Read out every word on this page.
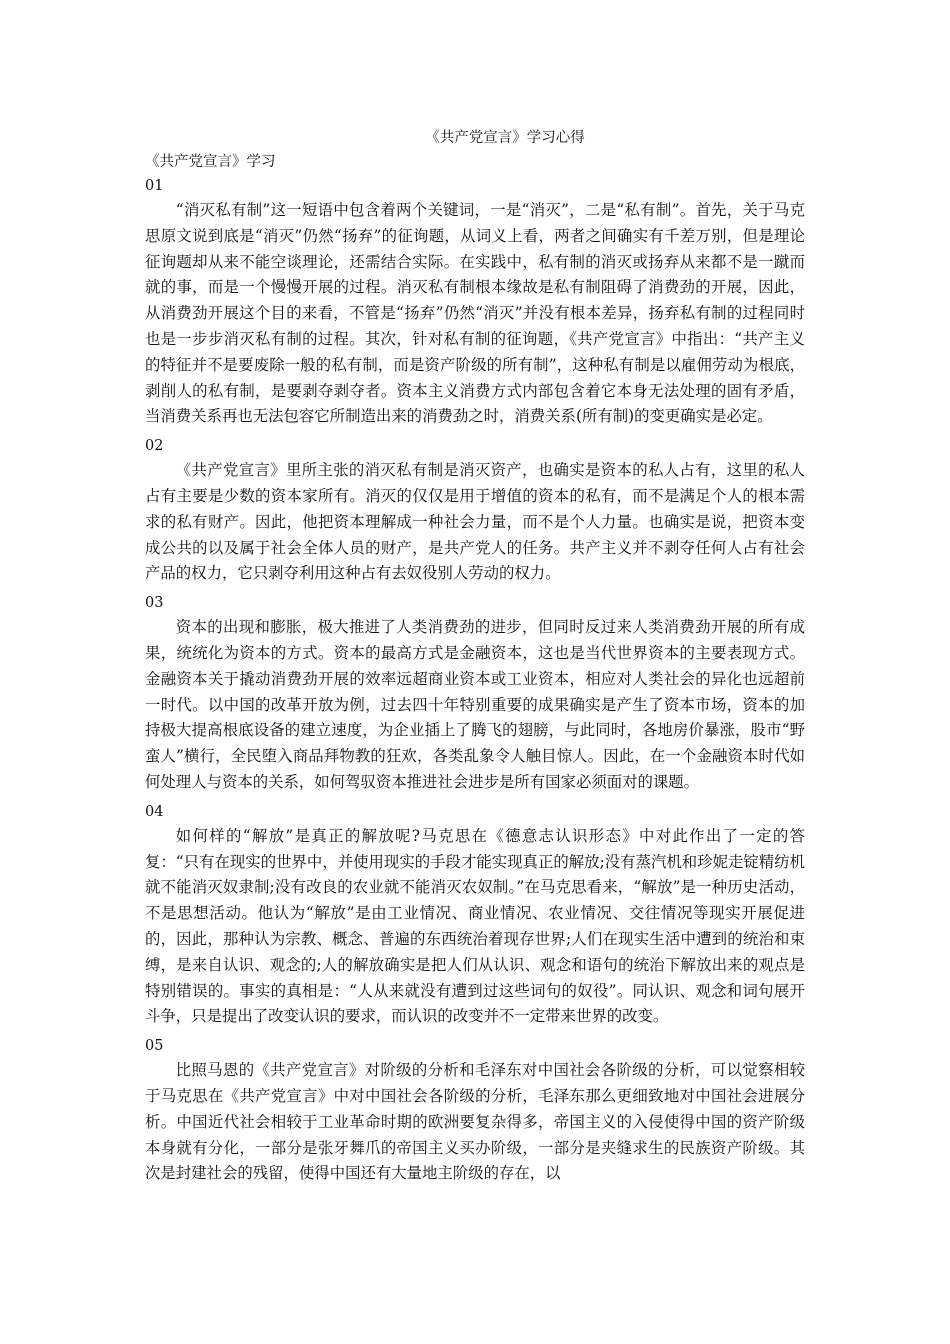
《共产党宣言》学习心得

《共产党宣言》学习

01

“消灭私有制”这一短语中包含着两个关键词，一是“消灭”，二是“私有制”。首先，关于马克思原文说到底是“消灭”仍然“扬弃”的征询题，从词义上看，两者之间确实有千差万别，但是理论征询题却从来不能空谈理论，还需结合实际。在实践中，私有制的消灭或扬弃从来都不是一蹴而就的事，而是一个慢慢开展的过程。消灭私有制根本缘故是私有制阻碍了消费劲的开展，因此，从消费劲开展这个目的来看，不管是“扬弃”仍然“消灭”并没有根本差异，扬弃私有制的过程同时也是一步步消灭私有制的过程。其次，针对私有制的征询题，《共产党宣言》中指出：“共产主义的特征并不是要废除一般的私有制，而是资产阶级的所有制”，这种私有制是以雇佣劳动为根底，剥削人的私有制，是要剥夺剥夺者。资本主义消费方式内部包含着它本身无法处理的固有矛盾，当消费关系再也无法包容它所制造出来的消费劲之时，消费关系(所有制)的变更确实是必定。

02

《共产党宣言》里所主张的消灭私有制是消灭资产，也确实是资本的私人占有，这里的私人占有主要是少数的资本家所有。消灭的仅仅是用于增值的资本的私有，而不是满足个人的根本需求的私有财产。因此，他把资本理解成一种社会力量，而不是个人力量。也确实是说，把资本变成公共的以及属于社会全体人员的财产，是共产党人的任务。共产主义并不剥夺任何人占有社会产品的权力，它只剥夺利用这种占有去奴役别人劳动的权力。

03

资本的出现和膨胀，极大推进了人类消费劲的进步，但同时反过来人类消费劲开展的所有成果，统统化为资本的方式。资本的最高方式是金融资本，这也是当代世界资本的主要表现方式。金融资本关于撬动消费劲开展的效率远超商业资本或工业资本，相应对人类社会的异化也远超前一时代。以中国的改革开放为例，过去四十年特别重要的成果确实是产生了资本市场，资本的加持极大提高根底设备的建立速度，为企业插上了腾飞的翅膀，与此同时，各地房价暴涨，股市“野蛮人”横行，全民堕入商品拜物教的狂欢，各类乱象令人触目惊人。因此，在一个金融资本时代如何处理人与资本的关系，如何驾驭资本推进社会进步是所有国家必须面对的课题。

04

如何样的“解放”是真正的解放呢?马克思在《德意志认识形态》中对此作出了一定的答复：“只有在现实的世界中，并使用现实的手段才能实现真正的解放;没有蒸汽机和珍妮走锭精纺机就不能消灭奴隶制;没有改良的农业就不能消灭农奴制。”在马克思看来，“解放”是一种历史活动，不是思想活动。他认为“解放”是由工业情况、商业情况、农业情况、交往情况等现实开展促进的，因此，那种认为宗教、概念、普遍的东西统治着现存世界;人们在现实生活中遭到的统治和束缚，是来自认识、观念的;人的解放确实是把人们从认识、观念和语句的统治下解放出来的观点是特别错误的。事实的真相是：“人从来就没有遭到过这些词句的奴役”。同认识、观念和词句展开斗争，只是提出了改变认识的要求，而认识的改变并不一定带来世界的改变。

05

比照马恩的《共产党宣言》对阶级的分析和毛泽东对中国社会各阶级的分析，可以觉察相较于马克思在《共产党宣言》中对中国社会各阶级的分析，毛泽东那么更细致地对中国社会进展分析。中国近代社会相较于工业革命时期的欧洲要复杂得多，帝国主义的入侵使得中国的资产阶级本身就有分化，一部分是张牙舞爪的帝国主义买办阶级，一部分是夹缝求生的民族资产阶级。其次是封建社会的残留，使得中国还有大量地主阶级的存在，以
